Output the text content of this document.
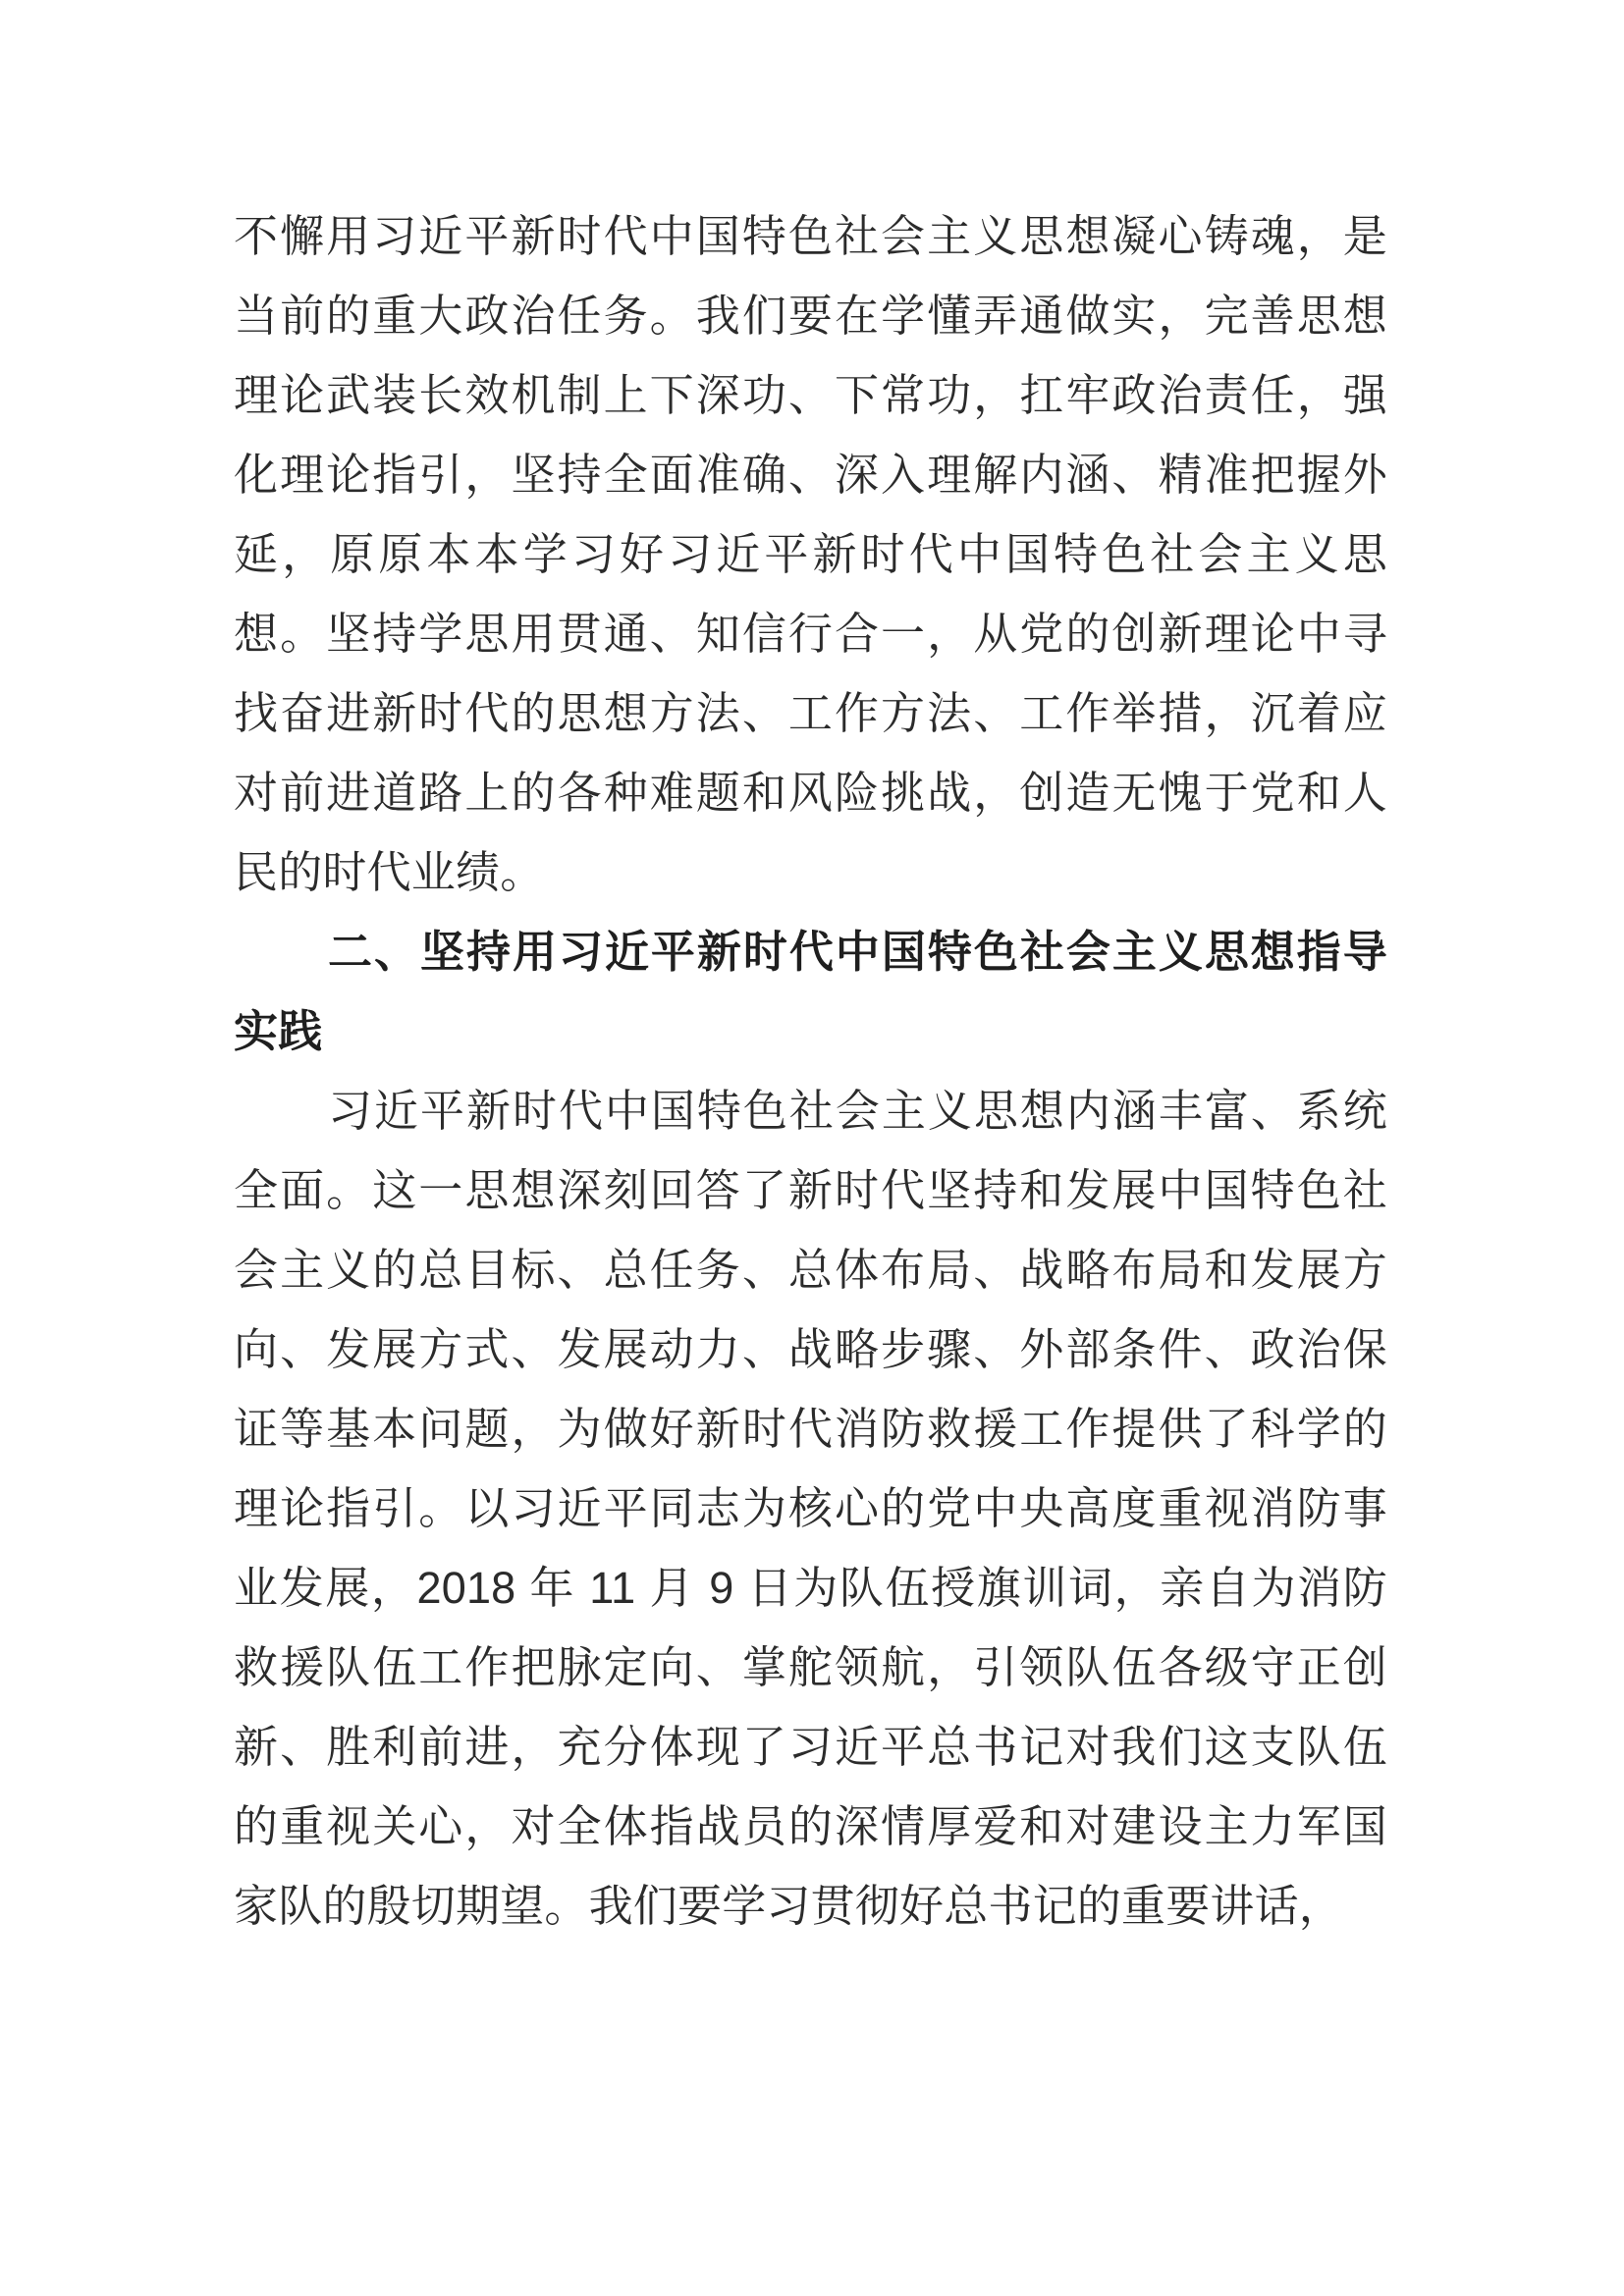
不懈用习近平新时代中国特色社会主义思想凝心铸魂，是当前的重大政治任务。我们要在学懂弄通做实，完善思想理论武装长效机制上下深功、下常功，扛牢政治责任，强化理论指引，坚持全面准确、深入理解内涵、精准把握外延，原原本本学习好习近平新时代中国特色社会主义思想。坚持学思用贯通、知信行合一，从党的创新理论中寻找奋进新时代的思想方法、工作方法、工作举措，沉着应对前进道路上的各种难题和风险挑战，创造无愧于党和人民的时代业绩。

二、坚持用习近平新时代中国特色社会主义思想指导实践

习近平新时代中国特色社会主义思想内涵丰富、系统全面。这一思想深刻回答了新时代坚持和发展中国特色社会主义的总目标、总任务、总体布局、战略布局和发展方向、发展方式、发展动力、战略步骤、外部条件、政治保证等基本问题，为做好新时代消防救援工作提供了科学的理论指引。以习近平同志为核心的党中央高度重视消防事业发展，2018 年 11 月 9 日为队伍授旗训词，亲自为消防救援队伍工作把脉定向、掌舵领航，引领队伍各级守正创新、胜利前进，充分体现了习近平总书记对我们这支队伍的重视关心，对全体指战员的深情厚爱和对建设主力军国家队的殷切期望。我们要学习贯彻好总书记的重要讲话，
